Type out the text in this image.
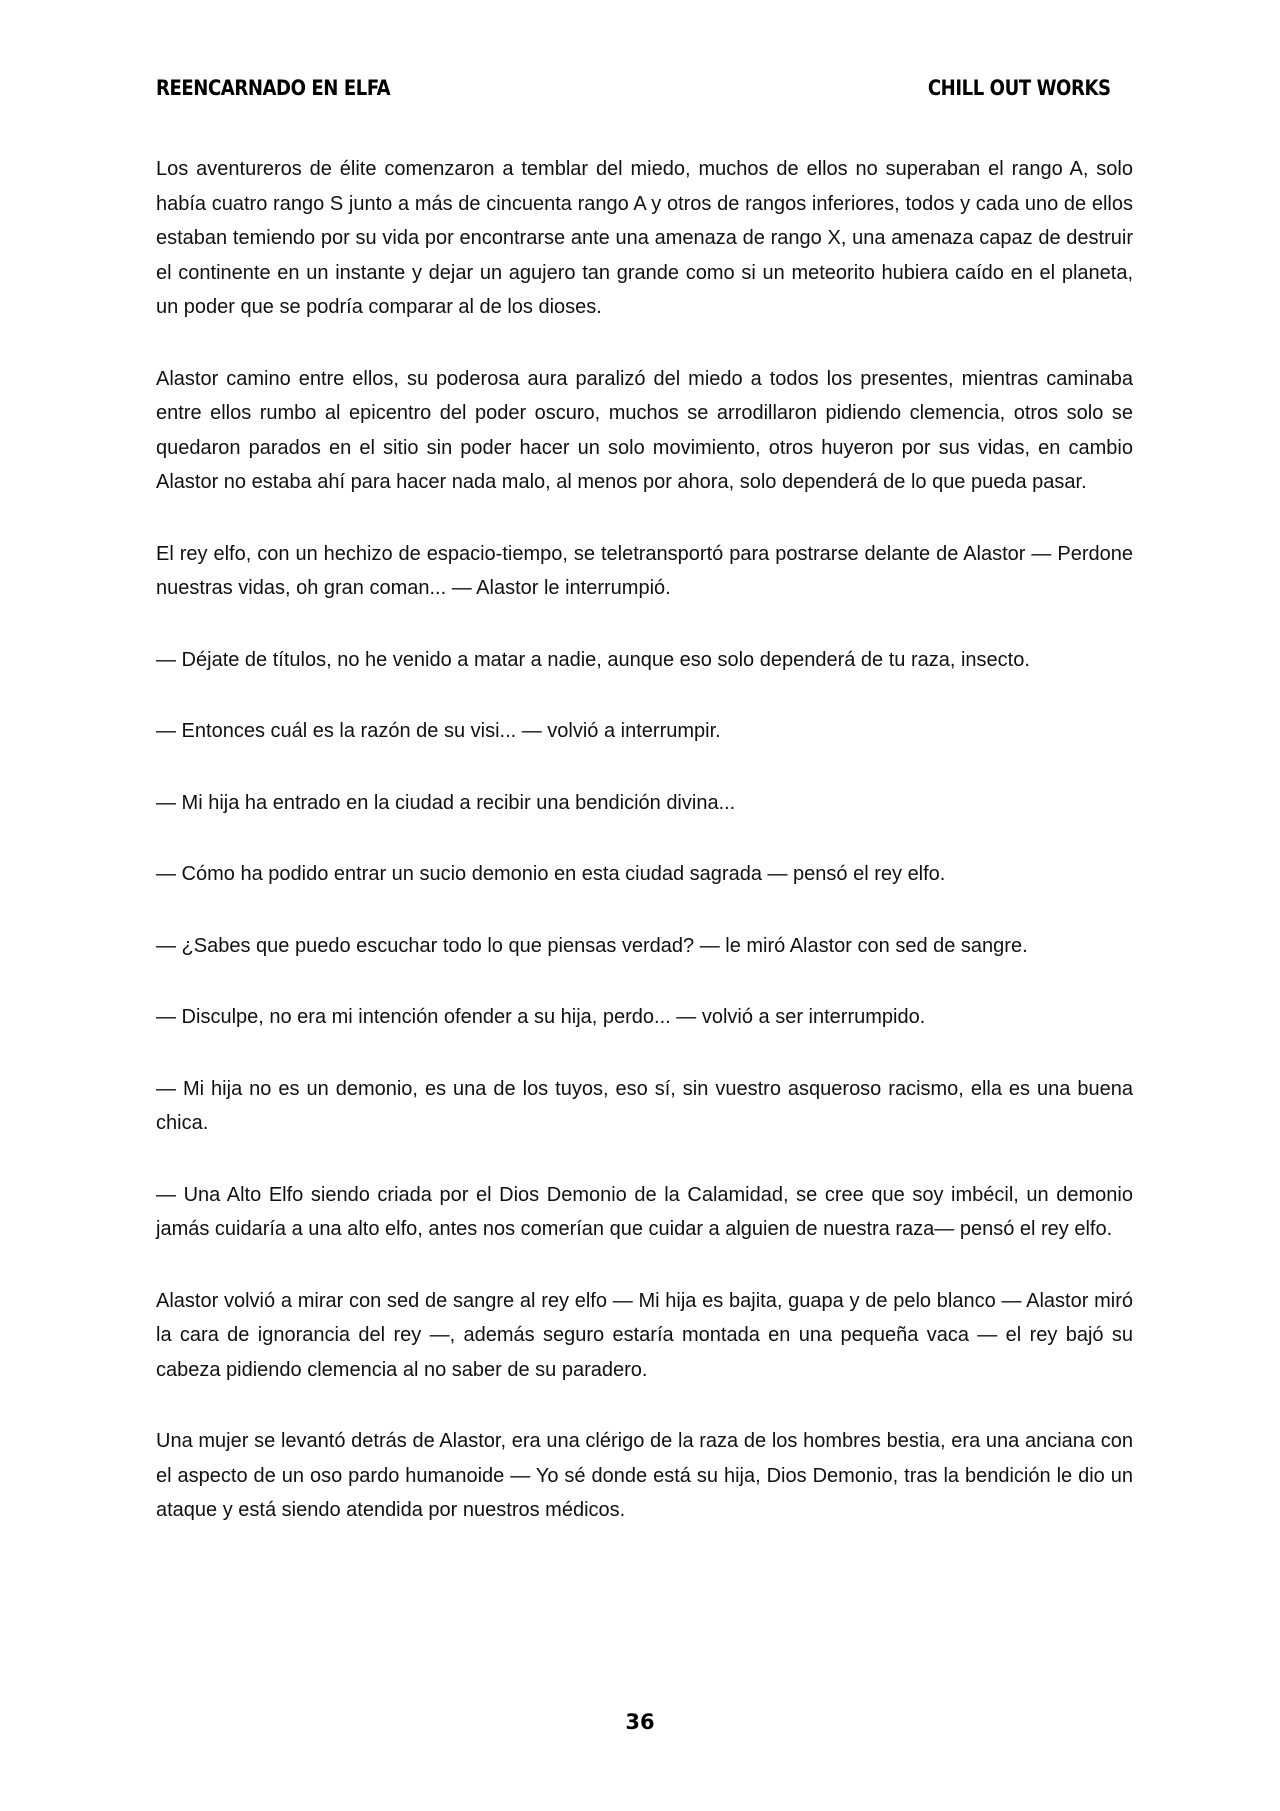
REENCARNADO EN ELFA	CHILL OUT WORKS

Los aventureros de élite comenzaron a temblar del miedo, muchos de ellos no superaban el rango A, solo había cuatro rango S junto a más de cincuenta rango A y otros de rangos inferiores, todos y cada uno de ellos estaban temiendo por su vida por encontrarse ante una amenaza de rango X, una amenaza capaz de destruir el continente en un instante y dejar un agujero tan grande como si un meteorito hubiera caído en el planeta, un poder que se podría comparar al de los dioses.

Alastor camino entre ellos, su poderosa aura paralizó del miedo a todos los presentes, mientras caminaba entre ellos rumbo al epicentro del poder oscuro, muchos se arrodillaron pidiendo clemencia, otros solo se quedaron parados en el sitio sin poder hacer un solo movimiento, otros huyeron por sus vidas, en cambio Alastor no estaba ahí para hacer nada malo, al menos por ahora, solo dependerá de lo que pueda pasar.

El rey elfo, con un hechizo de espacio-tiempo, se teletransportó para postrarse delante de Alastor — Perdone nuestras vidas, oh gran coman... — Alastor le interrumpió.

— Déjate de títulos, no he venido a matar a nadie, aunque eso solo dependerá de tu raza, insecto.

— Entonces cuál es la razón de su visi... — volvió a interrumpir.

— Mi hija ha entrado en la ciudad a recibir una bendición divina...

— Cómo ha podido entrar un sucio demonio en esta ciudad sagrada — pensó el rey elfo.

— ¿Sabes que puedo escuchar todo lo que piensas verdad? — le miró Alastor con sed de sangre.

— Disculpe, no era mi intención ofender a su hija, perdo... — volvió a ser interrumpido.

— Mi hija no es un demonio, es una de los tuyos, eso sí, sin vuestro asqueroso racismo, ella es una buena chica.

— Una Alto Elfo siendo criada por el Dios Demonio de la Calamidad, se cree que soy imbécil, un demonio jamás cuidaría a una alto elfo, antes nos comerían que cuidar a alguien de nuestra raza— pensó el rey elfo.

Alastor volvió a mirar con sed de sangre al rey elfo — Mi hija es bajita, guapa y de pelo blanco — Alastor miró la cara de ignorancia del rey —, además seguro estaría montada en una pequeña vaca — el rey bajó su cabeza pidiendo clemencia al no saber de su paradero.

Una mujer se levantó detrás de Alastor, era una clérigo de la raza de los hombres bestia, era una anciana con el aspecto de un oso pardo humanoide — Yo sé donde está su hija, Dios Demonio, tras la bendición le dio un ataque y está siendo atendida por nuestros médicos.

36
